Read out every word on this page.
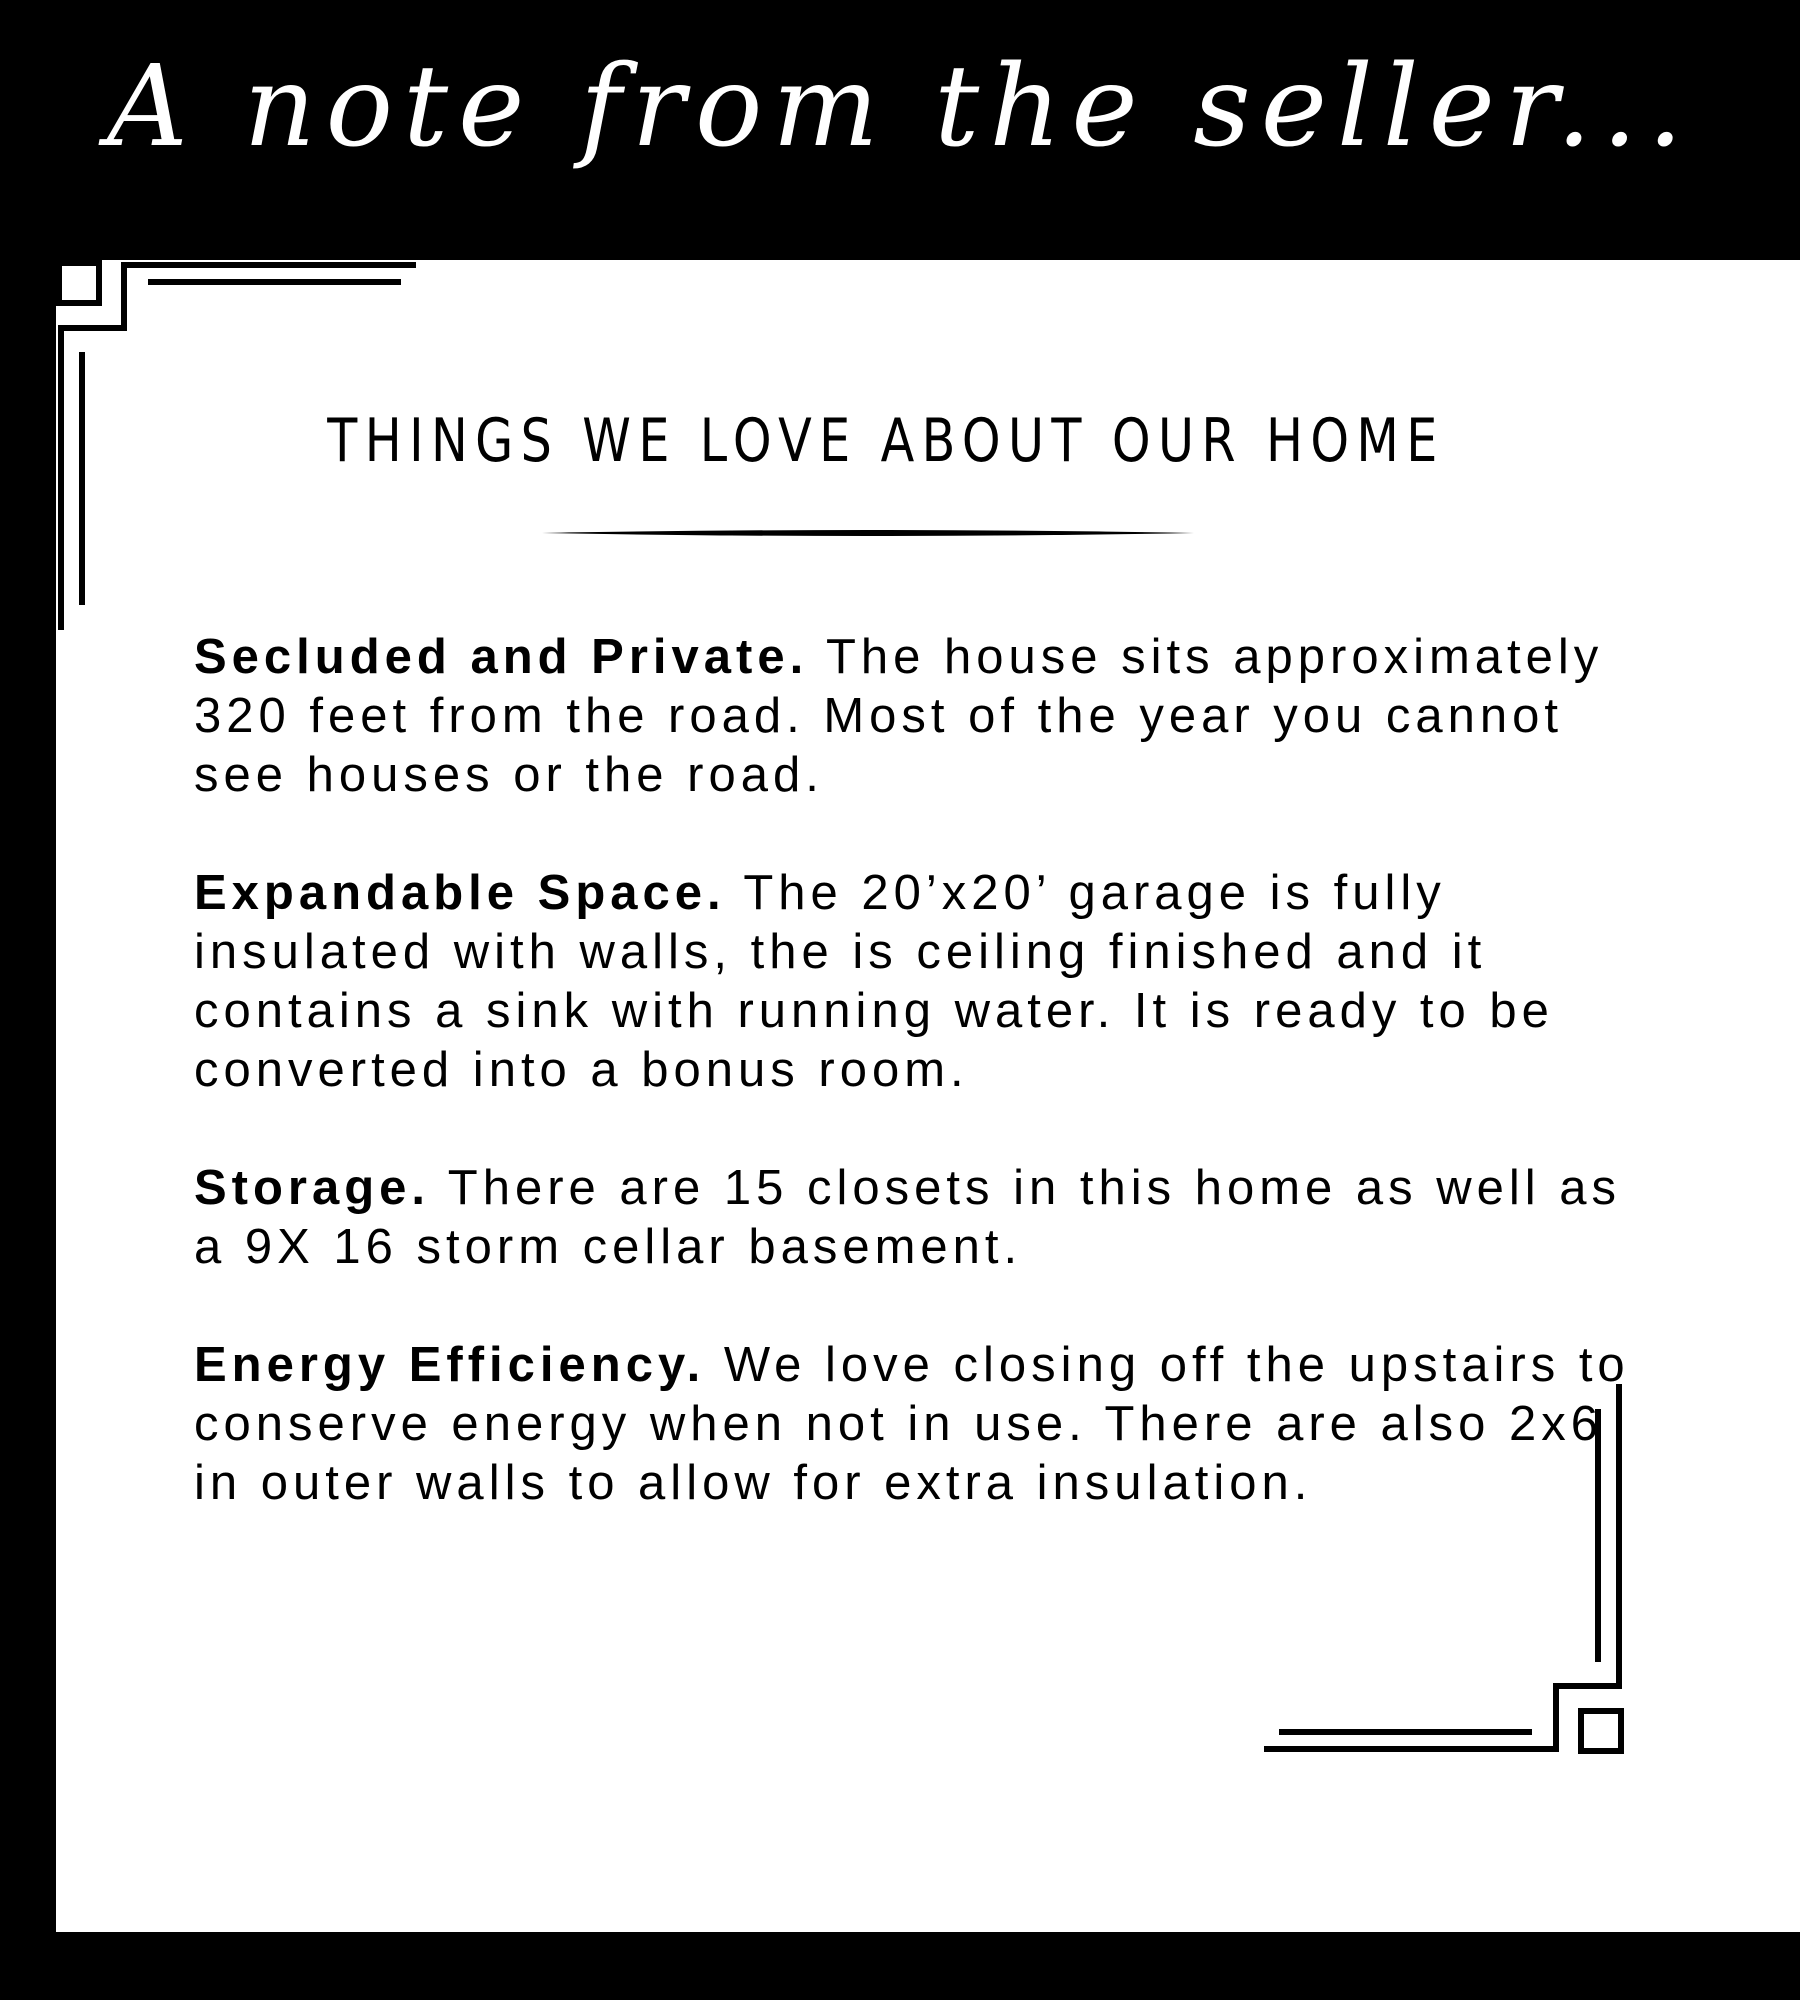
A note from the seller...
THINGS WE LOVE ABOUT OUR HOME

Secluded and Private. The house sits approximately 320 feet from the road. Most of the year you cannot see houses or the road.

Expandable Space. The 20’x20’ garage is fully insulated with walls, the is ceiling finished and it contains a sink with running water. It is ready to be converted into a bonus room.

Storage. There are 15 closets in this home as well as a 9X 16 storm cellar basement.

Energy Efficiency. We love closing off the upstairs to conserve energy when not in use. There are also 2x6 in outer walls to allow for extra insulation.
